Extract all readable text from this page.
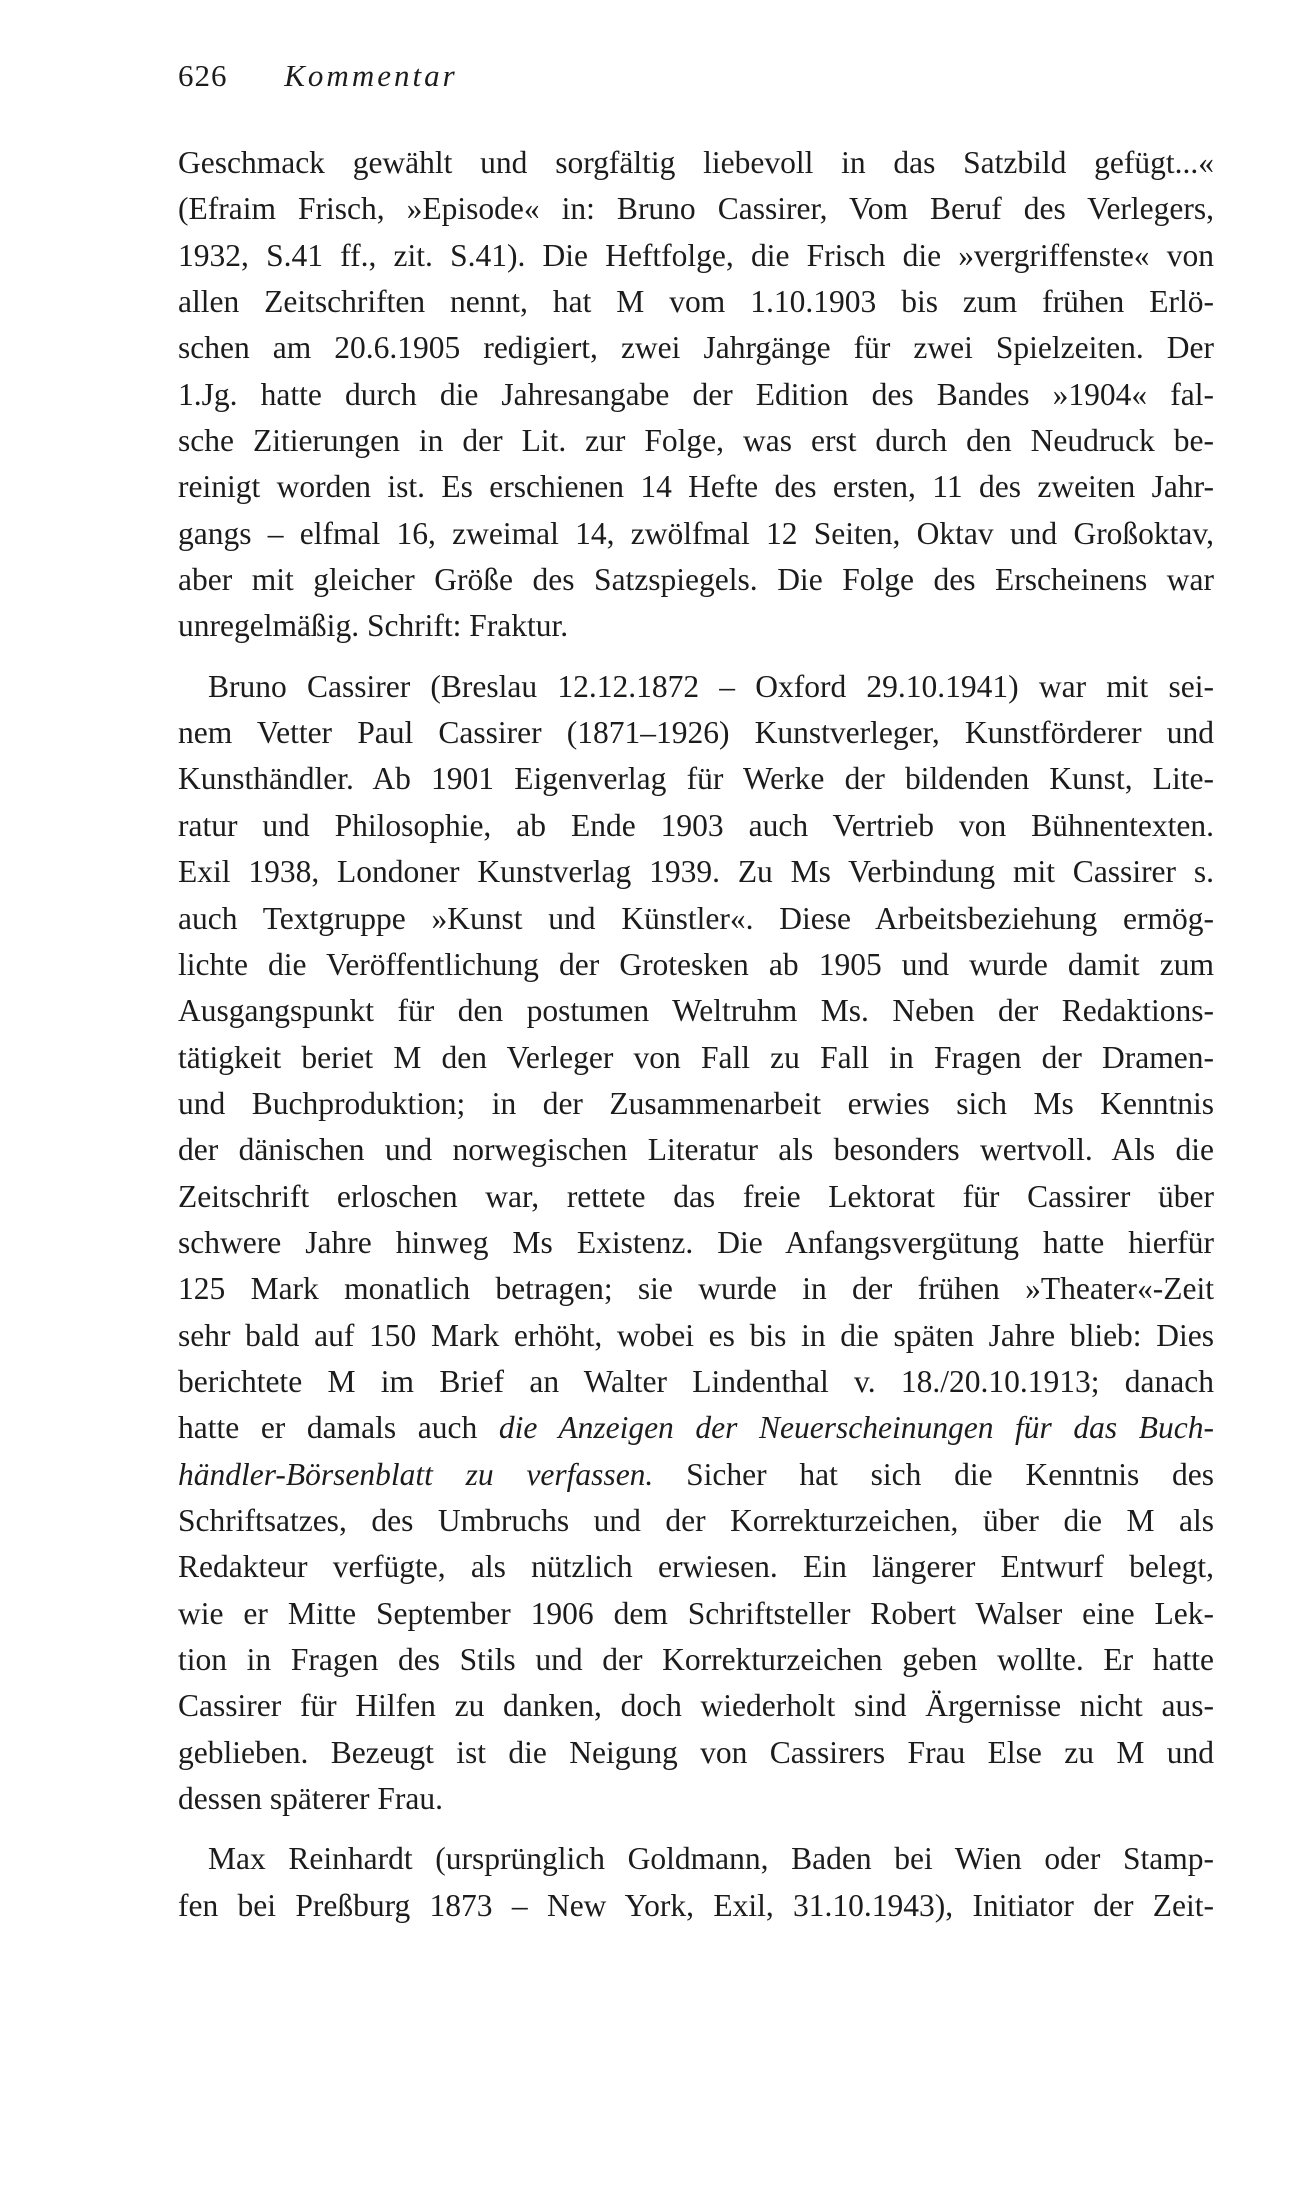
626 Kommentar
Geschmack gewählt und sorgfältig liebevoll in das Satzbild gefügt...«
(Efraim Frisch, »Episode« in: Bruno Cassirer, Vom Beruf des Verlegers,
1932, S.41 ff., zit. S.41). Die Heftfolge, die Frisch die »vergriffenste« von
allen Zeitschriften nennt, hat M vom 1.10.1903 bis zum frühen Erlö-
schen am 20.6.1905 redigiert, zwei Jahrgänge für zwei Spielzeiten. Der
1.Jg. hatte durch die Jahresangabe der Edition des Bandes »1904« fal-
sche Zitierungen in der Lit. zur Folge, was erst durch den Neudruck be-
reinigt worden ist. Es erschienen 14 Hefte des ersten, 11 des zweiten Jahr-
gangs – elfmal 16, zweimal 14, zwölfmal 12 Seiten, Oktav und Großoktav,
aber mit gleicher Größe des Satzspiegels. Die Folge des Erscheinens war
unregelmäßig. Schrift: Fraktur.
Bruno Cassirer (Breslau 12.12.1872 – Oxford 29.10.1941) war mit sei-
nem Vetter Paul Cassirer (1871–1926) Kunstverleger, Kunstförderer und
Kunsthändler. Ab 1901 Eigenverlag für Werke der bildenden Kunst, Lite-
ratur und Philosophie, ab Ende 1903 auch Vertrieb von Bühnentexten.
Exil 1938, Londoner Kunstverlag 1939. Zu Ms Verbindung mit Cassirer s.
auch Textgruppe »Kunst und Künstler«. Diese Arbeitsbeziehung ermög-
lichte die Veröffentlichung der Grotesken ab 1905 und wurde damit zum
Ausgangspunkt für den postumen Weltruhm Ms. Neben der Redaktions-
tätigkeit beriet M den Verleger von Fall zu Fall in Fragen der Dramen-
und Buchproduktion; in der Zusammenarbeit erwies sich Ms Kenntnis
der dänischen und norwegischen Literatur als besonders wertvoll. Als die
Zeitschrift erloschen war, rettete das freie Lektorat für Cassirer über
schwere Jahre hinweg Ms Existenz. Die Anfangsvergütung hatte hierfür
125 Mark monatlich betragen; sie wurde in der frühen »Theater«-Zeit
sehr bald auf 150 Mark erhöht, wobei es bis in die späten Jahre blieb: Dies
berichtete M im Brief an Walter Lindenthal v. 18./20.10.1913; danach
hatte er damals auch die Anzeigen der Neuerscheinungen für das Buch-
händler-Börsenblatt zu verfassen. Sicher hat sich die Kenntnis des
Schriftsatzes, des Umbruchs und der Korrekturzeichen, über die M als
Redakteur verfügte, als nützlich erwiesen. Ein längerer Entwurf belegt,
wie er Mitte September 1906 dem Schriftsteller Robert Walser eine Lek-
tion in Fragen des Stils und der Korrekturzeichen geben wollte. Er hatte
Cassirer für Hilfen zu danken, doch wiederholt sind Ärgernisse nicht aus-
geblieben. Bezeugt ist die Neigung von Cassirers Frau Else zu M und
dessen späterer Frau.
Max Reinhardt (ursprünglich Goldmann, Baden bei Wien oder Stamp-
fen bei Preßburg 1873 – New York, Exil, 31.10.1943), Initiator der Zeit-
